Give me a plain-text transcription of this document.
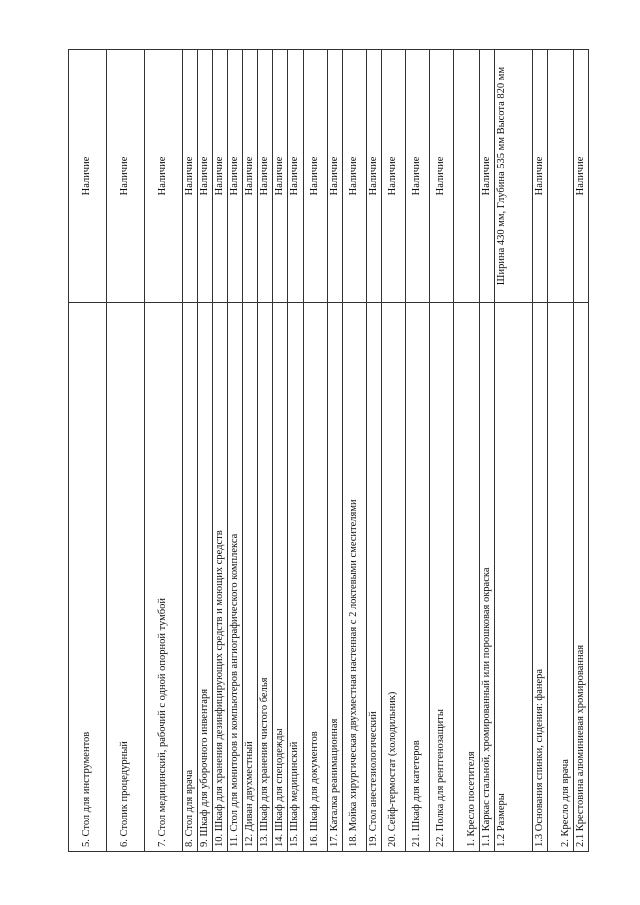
5. Стол для инструментов	Наличие
6. Столик процедурный	Наличие
7. Стол медицинский, рабочий с одной опорной тумбой	Наличие
8. Стол для врача	Наличие
9. Шкаф для уборочного инвентаря	Наличие
10. Шкаф для хранения дезинфицирующих средств и моющих средств	Наличие
11. Стол для мониторов и компьютеров ангиографического комплекса	Наличие
12. Диван двухместный	Наличие
13. Шкаф для хранения чистого белья	Наличие
14. Шкаф для спецодежды	Наличие
15. Шкаф медицинский	Наличие
16. Шкаф для документов	Наличие
17. Каталка реанимационная	Наличие
18. Мойка хирургическая двухместная настенная с 2 локтевыми смесителями	Наличие
19. Стол анестезиологический	Наличие
20. Сейф-термостат (холодильник)	Наличие
21. Шкаф для катетеров	Наличие
22. Полка для рентгенозащиты	Наличие
1. Кресло посетителя	
1.1 Каркас стальной, хромированный или порошковая окраска	Наличие
1.2 Размеры	Ширина 430 мм, Глубина 535 мм Высота 820 мм
1.3 Основания спинки, сидения: фанера	Наличие
2. Кресло для врача	
2.1 Крестовина алюминиевая хромированная	Наличие
